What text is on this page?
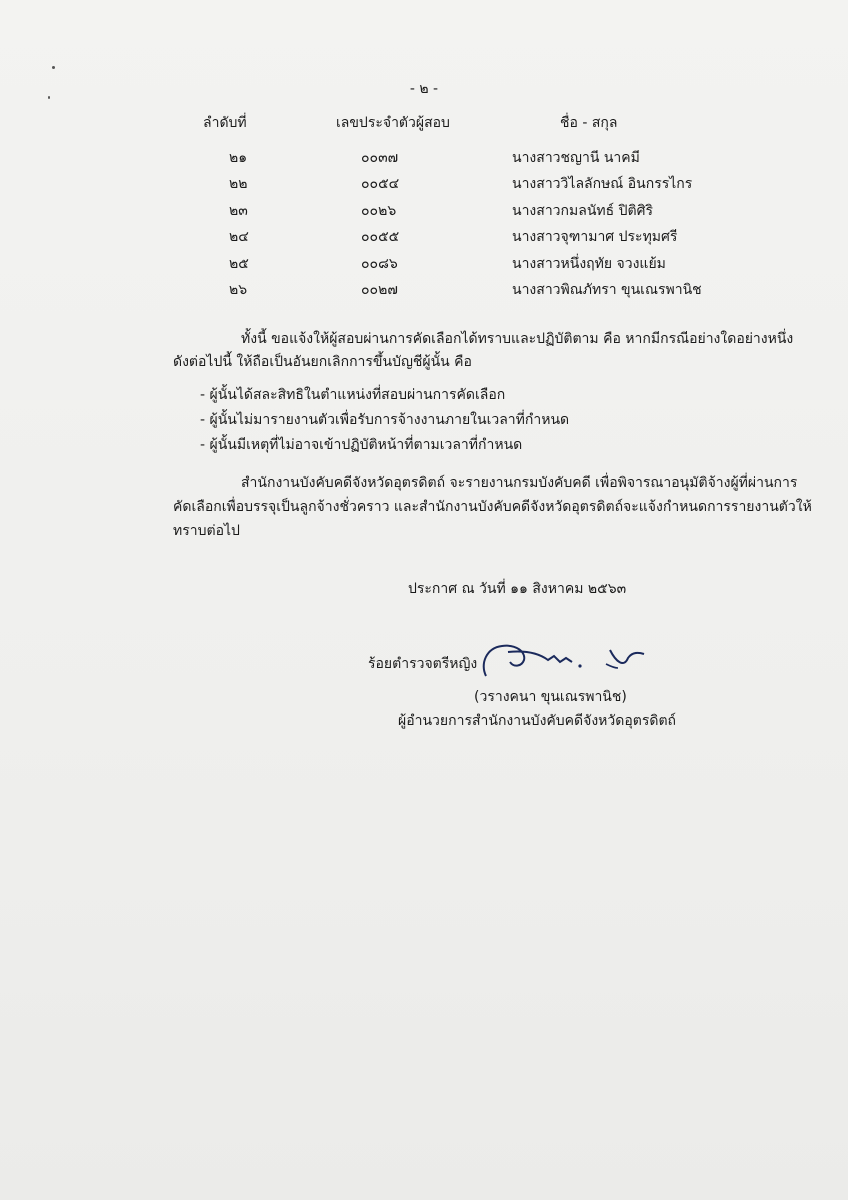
- ๒ -
ลำดับที่	เลขประจำตัวผู้สอบ	ชื่อ - สกุล
๒๑	๐๐๓๗	นางสาวชญานี นาคมี
๒๒	๐๐๕๔	นางสาววิไลลักษณ์ อินกรรไกร
๒๓	๐๐๒๖	นางสาวกมลนัทธ์ ปิติศิริ
๒๔	๐๐๕๕	นางสาวจุฑามาศ ประทุมศรี
๒๕	๐๐๘๖	นางสาวหนึ่งฤทัย จวงแย้ม
๒๖	๐๐๒๗	นางสาวพิณภัทรา ขุนเณรพานิช
ทั้งนี้ ขอแจ้งให้ผู้สอบผ่านการคัดเลือกได้ทราบและปฏิบัติตาม คือ หากมีกรณีอย่างใดอย่างหนึ่ง
ดังต่อไปนี้ ให้ถือเป็นอันยกเลิกการขึ้นบัญชีผู้นั้น คือ
- ผู้นั้นได้สละสิทธิในตำแหน่งที่สอบผ่านการคัดเลือก
- ผู้นั้นไม่มารายงานตัวเพื่อรับการจ้างงานภายในเวลาที่กำหนด
- ผู้นั้นมีเหตุที่ไม่อาจเข้าปฏิบัติหน้าที่ตามเวลาที่กำหนด
สำนักงานบังคับคดีจังหวัดอุตรดิตถ์ จะรายงานกรมบังคับคดี เพื่อพิจารณาอนุมัติจ้างผู้ที่ผ่านการ
คัดเลือกเพื่อบรรจุเป็นลูกจ้างชั่วคราว และสำนักงานบังคับคดีจังหวัดอุตรดิตถ์จะแจ้งกำหนดการรายงานตัวให้
ทราบต่อไป
ประกาศ ณ วันที่ ๑๑ สิงหาคม ๒๕๖๓
ร้อยตำรวจตรีหญิง
(วรางคนา ขุนเณรพานิช)
ผู้อำนวยการสำนักงานบังคับคดีจังหวัดอุตรดิตถ์
